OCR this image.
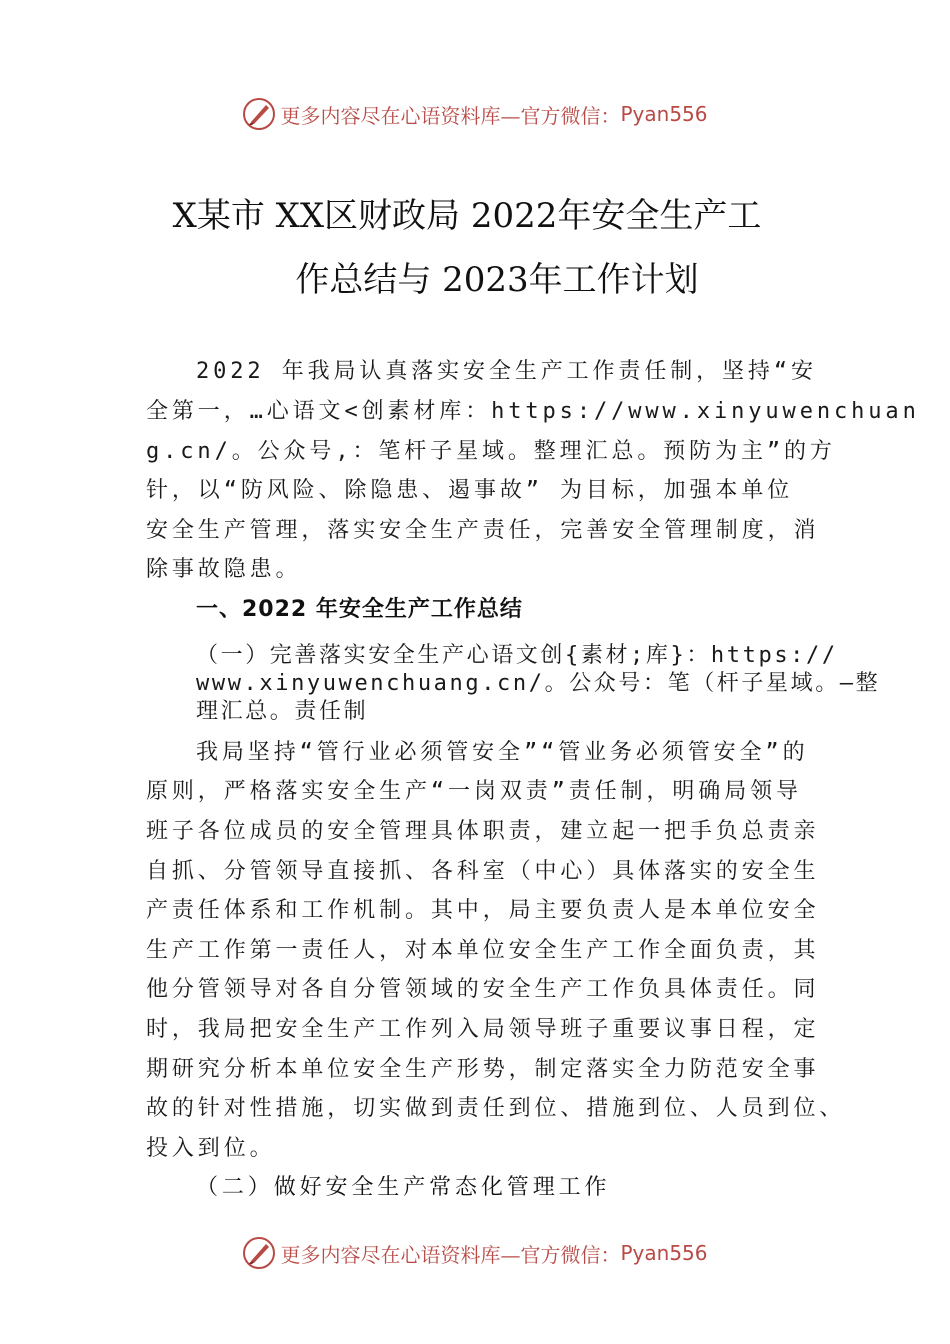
更多内容尽在心语资料库—官方微信： Pyan556
X某市 XX区财政局 2022年安全生产工
作总结与 2023年工作计划
2022 年我局认真落实安全生产工作责任制，坚持“安
全第一，…心语文<创素材库：https://www.xinyuwenchuan
g.cn/。公众号,：笔杆子星域。整理汇总。预防为主”的方
针，以“防风险、除隐患、遏事故” 为目标，加强本单位
安全生产管理，落实安全生产责任，完善安全管理制度，消
除事故隐患。
一、2022 年安全生产工作总结
（一）完善落实安全生产心语文创{素材;库}：https://
www.xinyuwenchuang.cn/。公众号：笔（杆子星域。—整
理汇总。责任制
我局坚持“管行业必须管安全”“管业务必须管安全”的
原则，严格落实安全生产“一岗双责”责任制，明确局领导
班子各位成员的安全管理具体职责，建立起一把手负总责亲
自抓、分管领导直接抓、各科室（中心）具体落实的安全生
产责任体系和工作机制。其中，局主要负责人是本单位安全
生产工作第一责任人，对本单位安全生产工作全面负责，其
他分管领导对各自分管领域的安全生产工作负具体责任。同
时，我局把安全生产工作列入局领导班子重要议事日程，定
期研究分析本单位安全生产形势，制定落实全力防范安全事
故的针对性措施，切实做到责任到位、措施到位、人员到位、
投入到位。
（二）做好安全生产常态化管理工作
更多内容尽在心语资料库—官方微信： Pyan556
